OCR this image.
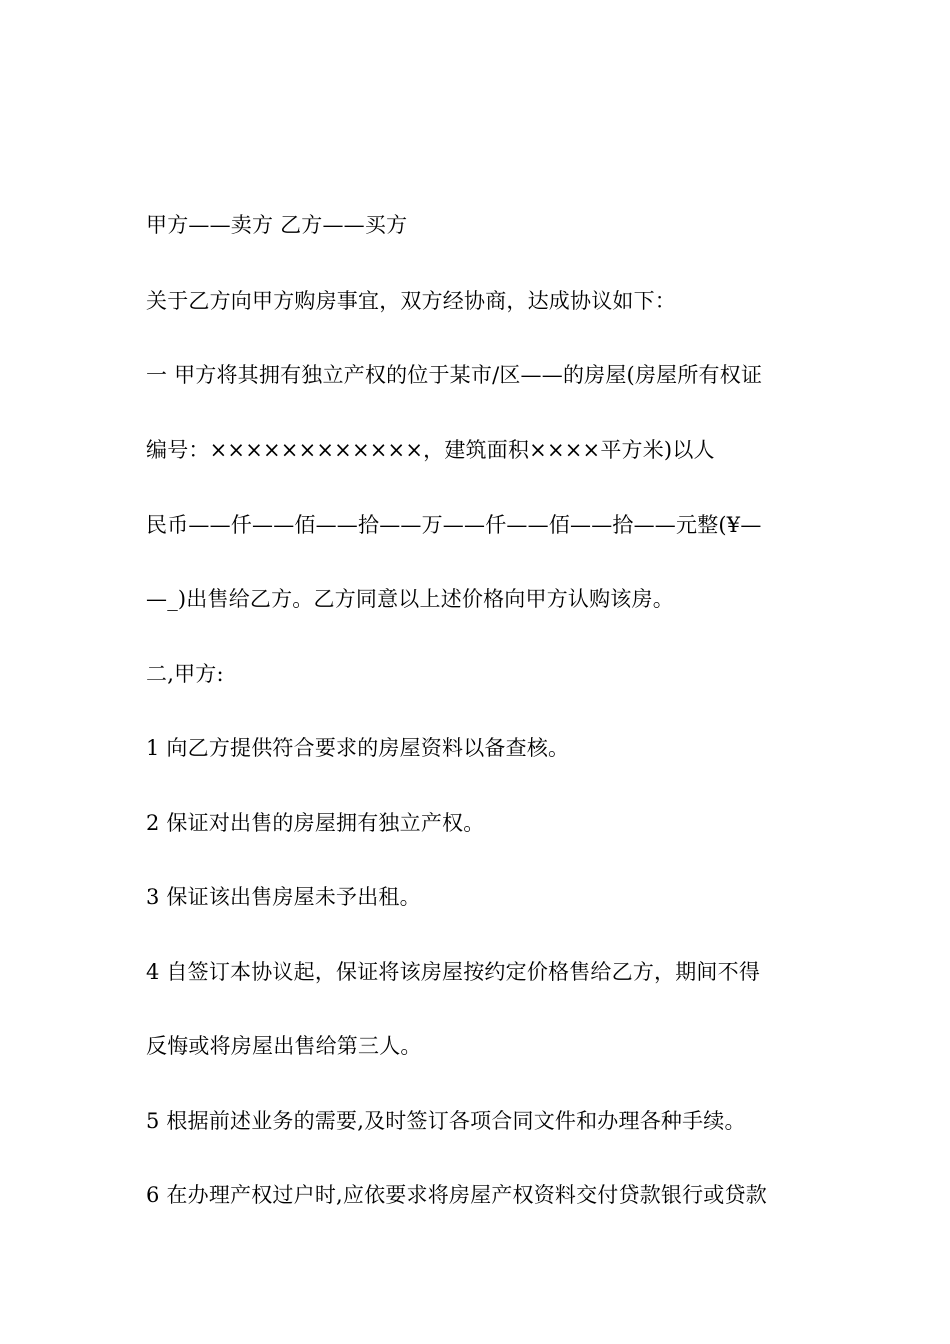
甲方——卖方 乙方——买方
关于乙方向甲方购房事宜，双方经协商，达成协议如下：
一 甲方将其拥有独立产权的位于某市/区——的房屋(房屋所有权证
编号：××××××××××××，建筑面积××××平方米)以人
民币——仟——佰——拾——万——仟——佰——拾——元整(¥—
—_)出售给乙方。乙方同意以上述价格向甲方认购该房。
二,甲方:
1 向乙方提供符合要求的房屋资料以备查核。
2 保证对出售的房屋拥有独立产权。
3 保证该出售房屋未予出租。
4 自签订本协议起，保证将该房屋按约定价格售给乙方，期间不得
反悔或将房屋出售给第三人。
5 根据前述业务的需要,及时签订各项合同文件和办理各种手续。
6 在办理产权过户时,应依要求将房屋产权资料交付贷款银行或贷款
